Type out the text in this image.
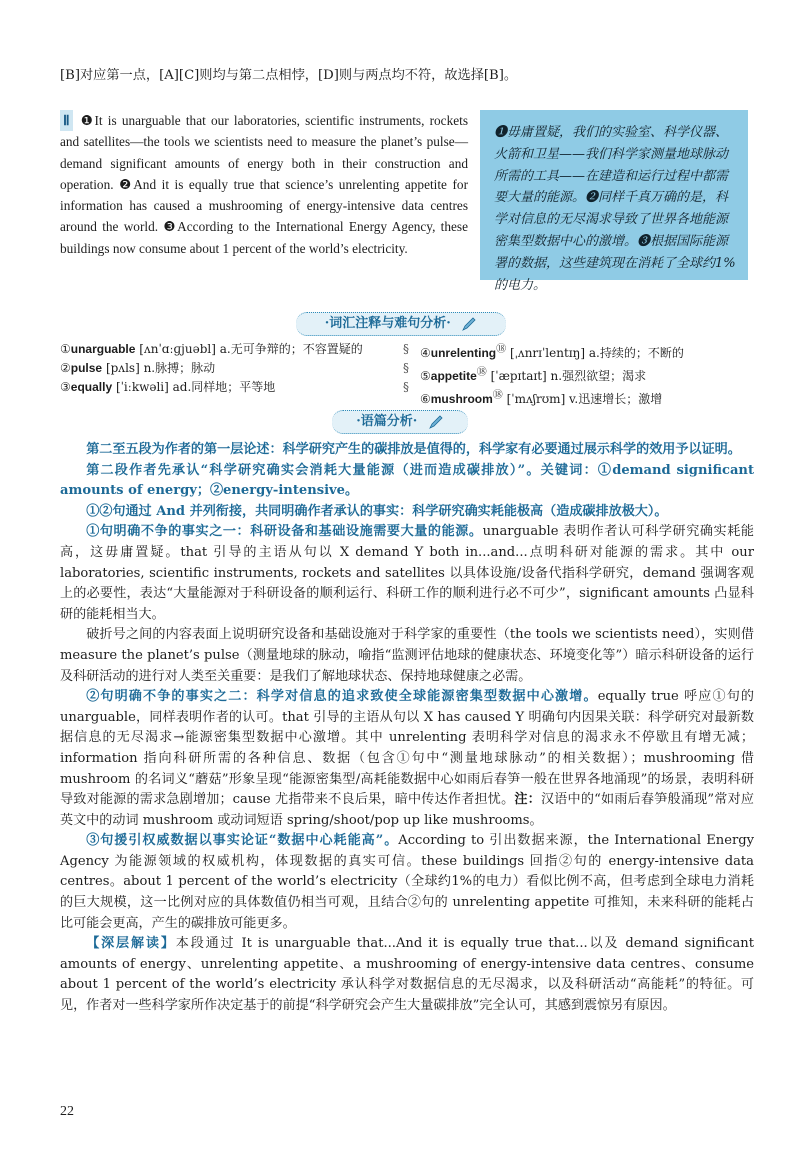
[B]对应第一点，[A][C]则均与第二点相悖，[D]则与两点均不符，故选择[B]。
Ⅱ ❶It is unarguable that our laboratories, scientific instruments, rockets and satellites—the tools we scientists need to measure the planet’s pulse—demand significant amounts of energy both in their construction and operation. ❷And it is equally true that science’s unrelenting appetite for information has caused a mushrooming of energy-intensive data centres around the world. ❸According to the International Energy Agency, these buildings now consume about 1 percent of the world’s electricity.
❶毋庸置疑，我们的实验室、科学仪器、火箭和卫星——我们科学家测量地球脉动所需的工具——在建造和运行过程中都需要大量的能源。❷同样千真万确的是，科学对信息的无尽渴求导致了世界各地能源密集型数据中心的激增。❸根据国际能源署的数据，这些建筑现在消耗了全球约1%的电力。
·词汇注释与难句分析·
①unarguable [ʌnˈɑːɡjuəbl] a.无可争辩的；不容置疑的
②pulse [pʌls] n.脉搏；脉动
③equally [ˈiːkwəli] ad.同样地；平等地
§
§
§
④unrelenting⑱ [ˌʌnrɪˈlentɪŋ] a.持续的；不断的
⑤appetite⑱ [ˈæpɪtaɪt] n.强烈欲望；渴求
⑥mushroom⑱ [ˈmʌʃrʊm] v.迅速增长；激增
·语篇分析·
第二至五段为作者的第一层论述：科学研究产生的碳排放是值得的，科学家有必要通过展示科学的效用予以证明。
第二段作者先承认“科学研究确实会消耗大量能源（进而造成碳排放）”。关键词：①demand significant amounts of energy；②energy-intensive。
①②句通过 And 并列衔接，共同明确作者承认的事实：科学研究确实耗能极高（造成碳排放极大）。
①句明确不争的事实之一：科研设备和基础设施需要大量的能源。unarguable 表明作者认可科学研究确实耗能高，这毋庸置疑。that 引导的主语从句以 X demand Y both in...and...点明科研对能源的需求。其中 our laboratories, scientific instruments, rockets and satellites 以具体设施/设备代指科学研究，demand 强调客观上的必要性，表达“大量能源对于科研设备的顺利运行、科研工作的顺利进行必不可少”，significant amounts 凸显科研的能耗相当大。
破折号之间的内容表面上说明研究设备和基础设施对于科学家的重要性（the tools we scientists need），实则借 measure the planet’s pulse（测量地球的脉动，喻指“监测评估地球的健康状态、环境变化等”）暗示科研设备的运行及科研活动的进行对人类至关重要：是我们了解地球状态、保持地球健康之必需。
②句明确不争的事实之二：科学对信息的追求致使全球能源密集型数据中心激增。equally true 呼应①句的 unarguable，同样表明作者的认可。that 引导的主语从句以 X has caused Y 明确句内因果关联：科学研究对最新数据信息的无尽渴求→能源密集型数据中心激增。其中 unrelenting 表明科学对信息的渴求永不停歇且有增无减；information 指向科研所需的各种信息、数据（包含①句中“测量地球脉动”的相关数据）；mushrooming 借 mushroom 的名词义“蘑菇”形象呈现“能源密集型/高耗能数据中心如雨后春笋一般在世界各地涌现”的场景，表明科研导致对能源的需求急剧增加；cause 尤指带来不良后果，暗中传达作者担忧。注：汉语中的“如雨后春笋般涌现”常对应英文中的动词 mushroom 或动词短语 spring/shoot/pop up like mushrooms。
③句援引权威数据以事实论证“数据中心耗能高”。According to 引出数据来源，the International Energy Agency 为能源领域的权威机构，体现数据的真实可信。these buildings 回指②句的 energy-intensive data centres。about 1 percent of the world’s electricity（全球约1%的电力）看似比例不高，但考虑到全球电力消耗的巨大规模，这一比例对应的具体数值仍相当可观，且结合②句的 unrelenting appetite 可推知，未来科研的能耗占比可能会更高，产生的碳排放可能更多。
【深层解读】本段通过 It is unarguable that...And it is equally true that...以及 demand significant amounts of energy、unrelenting appetite、a mushrooming of energy-intensive data centres、consume about 1 percent of the world’s electricity 承认科学对数据信息的无尽渴求，以及科研活动“高能耗”的特征。可见，作者对一些科学家所作决定基于的前提“科学研究会产生大量碳排放”完全认可，其感到震惊另有原因。
22
